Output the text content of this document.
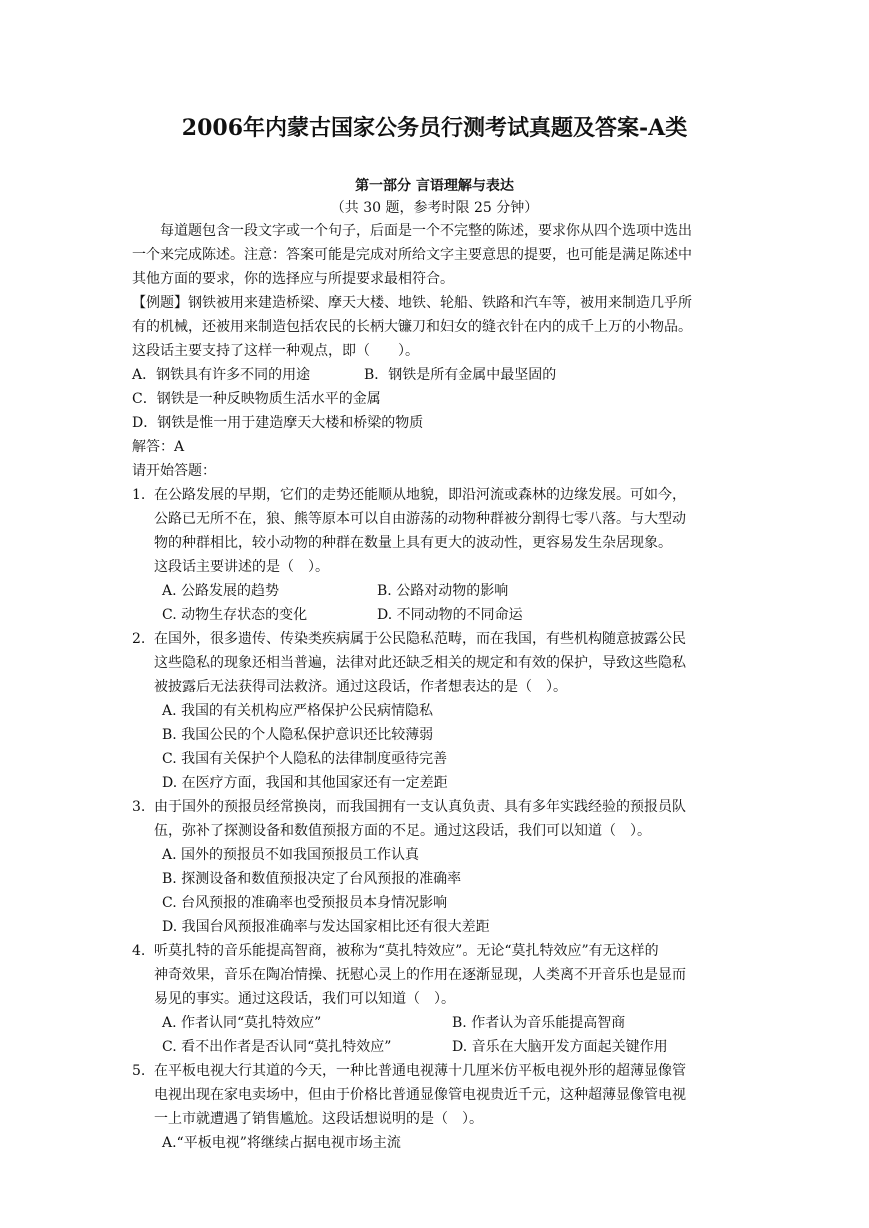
2006年内蒙古国家公务员行测考试真题及答案-A类
第一部分 言语理解与表达
（共 30 题，参考时限 25 分钟）
每道题包含一段文字或一个句子，后面是一个不完整的陈述，要求你从四个选项中选出
一个来完成陈述。注意：答案可能是完成对所给文字主要意思的提要，也可能是满足陈述中
其他方面的要求，你的选择应与所提要求最相符合。
【例题】钢铁被用来建造桥梁、摩天大楼、地铁、轮船、铁路和汽车等，被用来制造几乎所
有的机械，还被用来制造包括农民的长柄大镰刀和妇女的缝衣针在内的成千上万的小物品。
这段话主要支持了这样一种观点，即（　　）。
A．钢铁具有许多不同的用途	B．钢铁是所有金属中最坚固的
C．钢铁是一种反映物质生活水平的金属
D．钢铁是惟一用于建造摩天大楼和桥梁的物质
解答：A
请开始答题：
1. 在公路发展的早期，它们的走势还能顺从地貌，即沿河流或森林的边缘发展。可如今，
公路已无所不在，狼、熊等原本可以自由游荡的动物种群被分割得七零八落。与大型动
物的种群相比，较小动物的种群在数量上具有更大的波动性，更容易发生杂居现象。
这段话主要讲述的是（　）。
A. 公路发展的趋势	B. 公路对动物的影响
C. 动物生存状态的变化	D. 不同动物的不同命运
2. 在国外，很多遗传、传染类疾病属于公民隐私范畴，而在我国，有些机构随意披露公民
这些隐私的现象还相当普遍，法律对此还缺乏相关的规定和有效的保护，导致这些隐私
被披露后无法获得司法救济。通过这段话，作者想表达的是（　）。
A. 我国的有关机构应严格保护公民病情隐私
B. 我国公民的个人隐私保护意识还比较薄弱
C. 我国有关保护个人隐私的法律制度亟待完善
D. 在医疗方面，我国和其他国家还有一定差距
3. 由于国外的预报员经常换岗，而我国拥有一支认真负责、具有多年实践经验的预报员队
伍，弥补了探测设备和数值预报方面的不足。通过这段话，我们可以知道（　）。
A. 国外的预报员不如我国预报员工作认真
B. 探测设备和数值预报决定了台风预报的准确率
C. 台风预报的准确率也受预报员本身情况影响
D. 我国台风预报准确率与发达国家相比还有很大差距
4. 听莫扎特的音乐能提高智商，被称为“莫扎特效应”。无论“莫扎特效应”有无这样的
神奇效果，音乐在陶冶情操、抚慰心灵上的作用在逐渐显现，人类离不开音乐也是显而
易见的事实。通过这段话，我们可以知道（　）。
A. 作者认同“莫扎特效应”	B. 作者认为音乐能提高智商
C. 看不出作者是否认同“莫扎特效应”	D. 音乐在大脑开发方面起关键作用
5. 在平板电视大行其道的今天，一种比普通电视薄十几厘米仿平板电视外形的超薄显像管
电视出现在家电卖场中，但由于价格比普通显像管电视贵近千元，这种超薄显像管电视
一上市就遭遇了销售尴尬。这段话想说明的是（　）。
A.“平板电视”将继续占据电视市场主流
